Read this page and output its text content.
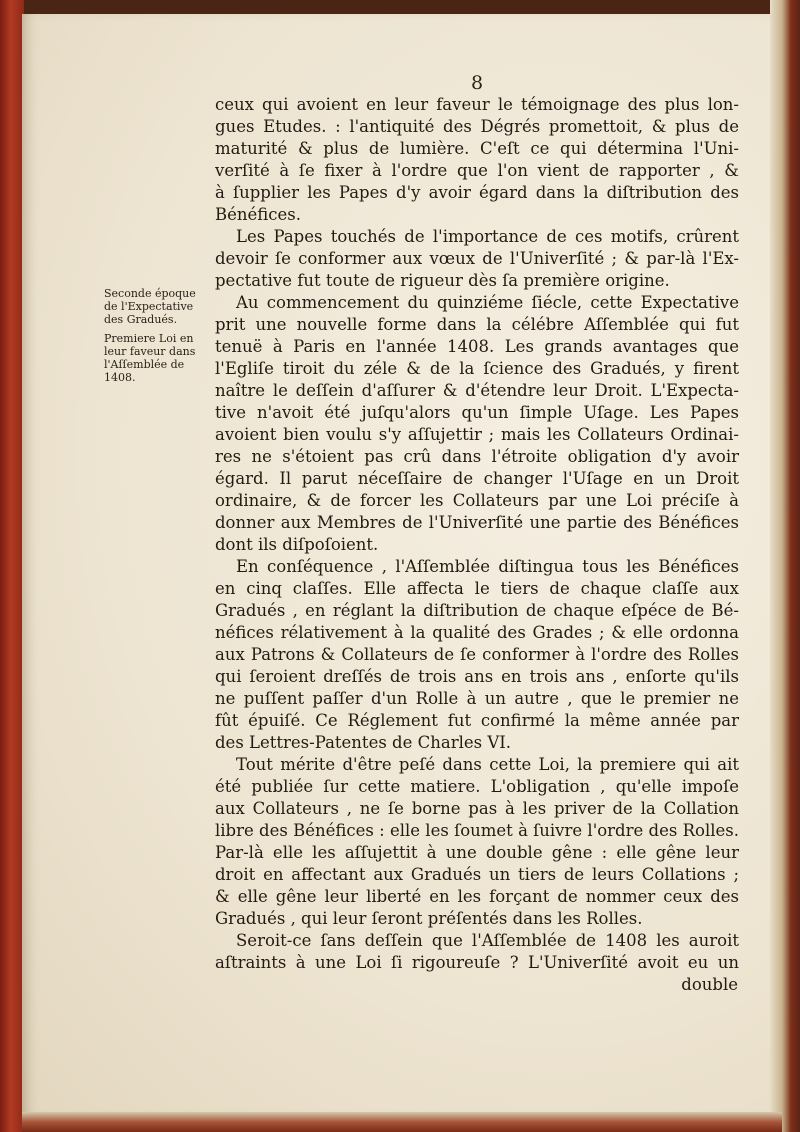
8
Seconde époque
de l'Expectative
des Gradués.
Premiere Loi en
leur faveur dans
l'Aſſemblée de
1408.
ceux qui avoient en leur faveur le témoignage des plus lon-
gues Etudes. : l'antiquité des Dégrés promettoit, & plus de
maturité & plus de lumière. C'eſt ce qui détermina l'Uni-
verſité à ſe fixer à l'ordre que l'on vient de rapporter , &
à ſupplier les Papes d'y avoir égard dans la diſtribution des
Bénéfices.
Les Papes touchés de l'importance de ces motifs, crûrent
devoir ſe conformer aux vœux de l'Univerſité ; & par-là l'Ex-
pectative fut toute de rigueur dès ſa première origine.
Au commencement du quinziéme ſiécle, cette Expectative
prit une nouvelle forme dans la célébre Aſſemblée qui fut
tenuë à Paris en l'année 1408. Les grands avantages que
l'Egliſe tiroit du zéle & de la ſcience des Gradués, y firent
naître le deſſein d'aſſurer & d'étendre leur Droit. L'Expecta-
tive n'avoit été juſqu'alors qu'un ſimple Uſage. Les Papes
avoient bien voulu s'y aſſujettir ; mais les Collateurs Ordinai-
res ne s'étoient pas crû dans l'étroite obligation d'y avoir
égard. Il parut néceſſaire de changer l'Uſage en un Droit
ordinaire, & de forcer les Collateurs par une Loi préciſe à
donner aux Membres de l'Univerſité une partie des Bénéfices
dont ils diſpoſoient.
En conſéquence , l'Aſſemblée diſtingua tous les Bénéfices
en cinq claſſes. Elle affecta le tiers de chaque claſſe aux
Gradués , en réglant la diſtribution de chaque eſpéce de Bé-
néfices rélativement à la qualité des Grades ; & elle ordonna
aux Patrons & Collateurs de ſe conformer à l'ordre des Rolles
qui ſeroient dreſſés de trois ans en trois ans , enſorte qu'ils
ne puſſent paſſer d'un Rolle à un autre , que le premier ne
fût épuiſé. Ce Réglement fut confirmé la même année par
des Lettres-Patentes de Charles VI.
Tout mérite d'être peſé dans cette Loi, la premiere qui ait
été publiée ſur cette matiere. L'obligation , qu'elle impoſe
aux Collateurs , ne ſe borne pas à les priver de la Collation
libre des Bénéfices : elle les ſoumet à ſuivre l'ordre des Rolles.
Par-là elle les aſſujettit à une double gêne : elle gêne leur
droit en affectant aux Gradués un tiers de leurs Collations ;
& elle gêne leur liberté en les forçant de nommer ceux des
Gradués , qui leur ſeront préſentés dans les Rolles.
Seroit-ce ſans deſſein que l'Aſſemblée de 1408 les auroit
aſtraints à une Loi ſi rigoureuſe ? L'Univerſité avoit eu un
double
